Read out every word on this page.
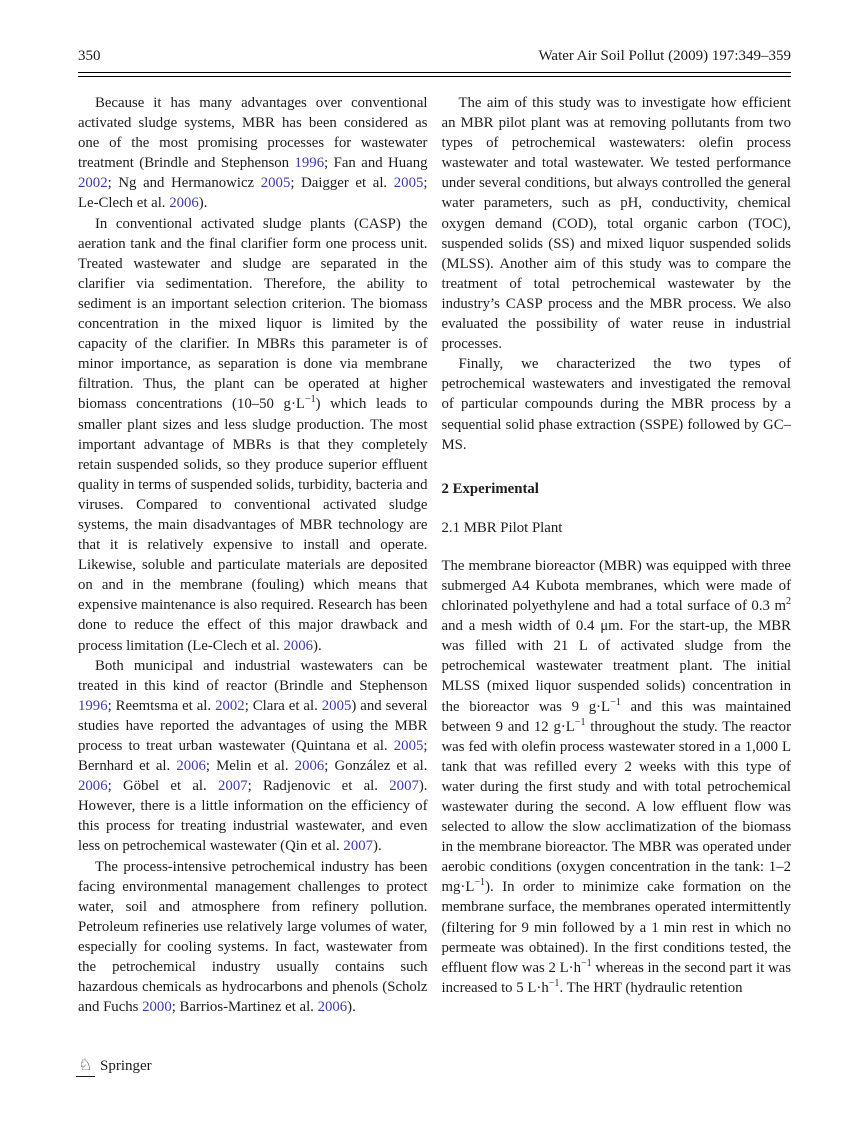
350	Water Air Soil Pollut (2009) 197:349–359
Because it has many advantages over conventional activated sludge systems, MBR has been considered as one of the most promising processes for wastewater treatment (Brindle and Stephenson 1996; Fan and Huang 2002; Ng and Hermanowicz 2005; Daigger et al. 2005; Le-Clech et al. 2006).
In conventional activated sludge plants (CASP) the aeration tank and the final clarifier form one process unit. Treated wastewater and sludge are separated in the clarifier via sedimentation. Therefore, the ability to sediment is an important selection criterion. The biomass concentration in the mixed liquor is limited by the capacity of the clarifier. In MBRs this parameter is of minor importance, as separation is done via membrane filtration. Thus, the plant can be operated at higher biomass concentrations (10–50 $g\cdot L^{-1}$) which leads to smaller plant sizes and less sludge production. The most important advantage of MBRs is that they completely retain suspended solids, so they produce superior effluent quality in terms of suspended solids, turbidity, bacteria and viruses. Compared to conventional activated sludge systems, the main disadvantages of MBR technology are that it is relatively expensive to install and operate. Likewise, soluble and particulate materials are deposited on and in the membrane (fouling) which means that expensive maintenance is also required. Research has been done to reduce the effect of this major drawback and process limitation (Le-Clech et al. 2006).
Both municipal and industrial wastewaters can be treated in this kind of reactor (Brindle and Stephenson 1996; Reemtsma et al. 2002; Clara et al. 2005) and several studies have reported the advantages of using the MBR process to treat urban wastewater (Quintana et al. 2005; Bernhard et al. 2006; Melin et al. 2006; González et al. 2006; Göbel et al. 2007; Radjenovic et al. 2007). However, there is a little information on the efficiency of this process for treating industrial wastewater, and even less on petrochemical wastewater (Qin et al. 2007).
The process-intensive petrochemical industry has been facing environmental management challenges to protect water, soil and atmosphere from refinery pollution. Petroleum refineries use relatively large volumes of water, especially for cooling systems. In fact, wastewater from the petrochemical industry usually contains such hazardous chemicals as hydrocarbons and phenols (Scholz and Fuchs 2000; Barrios-Martinez et al. 2006).
The aim of this study was to investigate how efficient an MBR pilot plant was at removing pollutants from two types of petrochemical wastewaters: olefin process wastewater and total wastewater. We tested performance under several conditions, but always controlled the general water parameters, such as pH, conductivity, chemical oxygen demand (COD), total organic carbon (TOC), suspended solids (SS) and mixed liquor suspended solids (MLSS). Another aim of this study was to compare the treatment of total petrochemical wastewater by the industry’s CASP process and the MBR process. We also evaluated the possibility of water reuse in industrial processes.
Finally, we characterized the two types of petrochemical wastewaters and investigated the removal of particular compounds during the MBR process by a sequential solid phase extraction (SSPE) followed by GC–MS.
2 Experimental
2.1 MBR Pilot Plant
The membrane bioreactor (MBR) was equipped with three submerged A4 Kubota membranes, which were made of chlorinated polyethylene and had a total surface of 0.3 $m^2$ and a mesh width of 0.4 μm. For the start-up, the MBR was filled with 21 L of activated sludge from the petrochemical wastewater treatment plant. The initial MLSS (mixed liquor suspended solids) concentration in the bioreactor was 9 $g\cdot L^{-1}$ and this was maintained between 9 and 12 $g\cdot L^{-1}$ throughout the study. The reactor was fed with olefin process wastewater stored in a 1,000 L tank that was refilled every 2 weeks with this type of water during the first study and with total petrochemical wastewater during the second. A low effluent flow was selected to allow the slow acclimatization of the biomass in the membrane bioreactor. The MBR was operated under aerobic conditions (oxygen concentration in the tank: 1–2 $mg\cdot L^{-1}$). In order to minimize cake formation on the membrane surface, the membranes operated intermittently (filtering for 9 min followed by a 1 min rest in which no permeate was obtained). In the first conditions tested, the effluent flow was 2 $L\cdot h^{-1}$ whereas in the second part it was increased to 5 $L\cdot h^{-1}$. The HRT (hydraulic retention
♘ Springer
